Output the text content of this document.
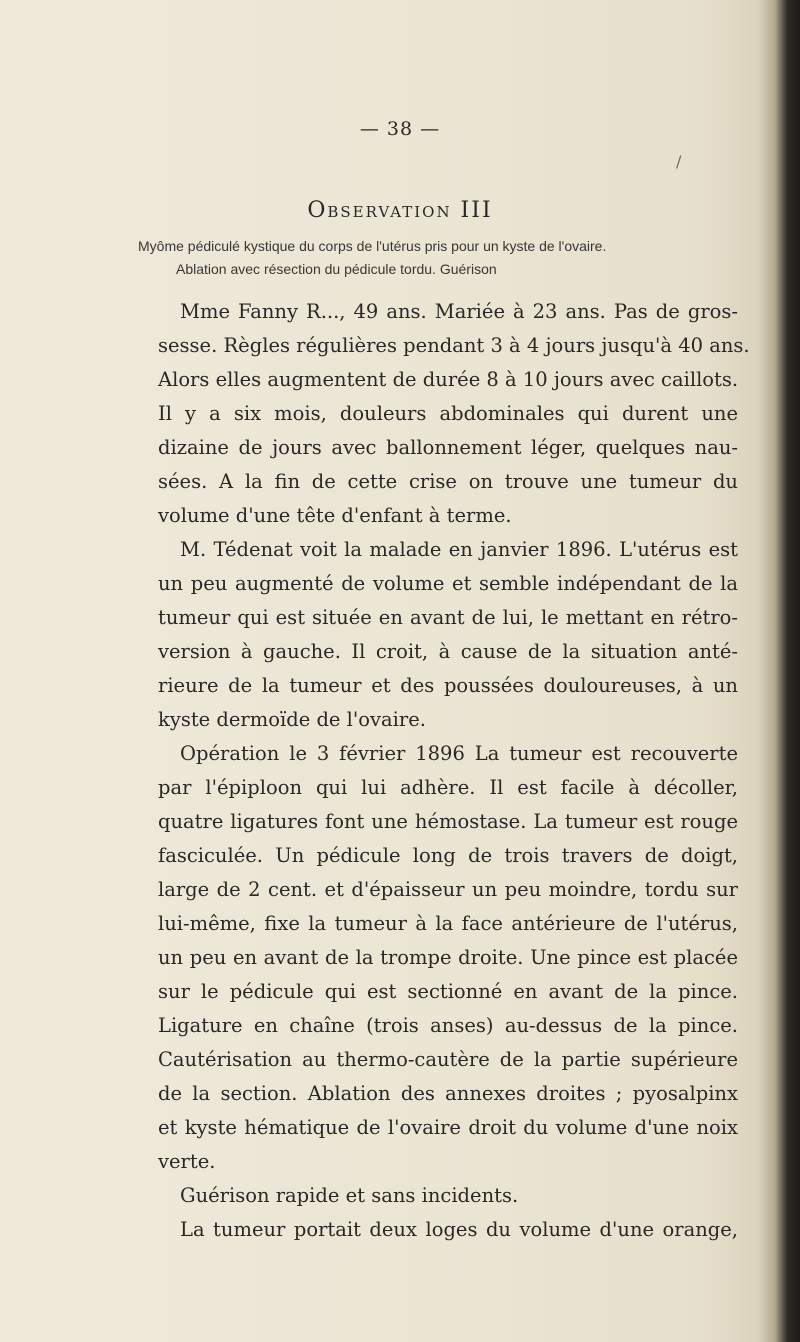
— 38 —
/
Observation III
Myôme pédiculé kystique du corps de l'utérus pris pour un kyste de l'ovaire.
Ablation avec résection du pédicule tordu. Guérison
Mme Fanny R..., 49 ans. Mariée à 23 ans. Pas de gros-
sesse. Règles régulières pendant 3 à 4 jours jusqu'à 40 ans.
Alors elles augmentent de durée 8 à 10 jours avec caillots.
Il y a six mois, douleurs abdominales qui durent une
dizaine de jours avec ballonnement léger, quelques nau-
sées. A la fin de cette crise on trouve une tumeur du
volume d'une tête d'enfant à terme.
M. Tédenat voit la malade en janvier 1896. L'utérus est
un peu augmenté de volume et semble indépendant de la
tumeur qui est située en avant de lui, le mettant en rétro-
version à gauche. Il croit, à cause de la situation anté-
rieure de la tumeur et des poussées douloureuses, à un
kyste dermoïde de l'ovaire.
Opération le 3 février 1896 La tumeur est recouverte
par l'épiploon qui lui adhère. Il est facile à décoller,
quatre ligatures font une hémostase. La tumeur est rouge
fasciculée. Un pédicule long de trois travers de doigt,
large de 2 cent. et d'épaisseur un peu moindre, tordu sur
lui-même, fixe la tumeur à la face antérieure de l'utérus,
un peu en avant de la trompe droite. Une pince est placée
sur le pédicule qui est sectionné en avant de la pince.
Ligature en chaîne (trois anses) au-dessus de la pince.
Cautérisation au thermo-cautère de la partie supérieure
de la section. Ablation des annexes droites ; pyosalpinx
et kyste hématique de l'ovaire droit du volume d'une noix
verte.
Guérison rapide et sans incidents.
La tumeur portait deux loges du volume d'une orange,
